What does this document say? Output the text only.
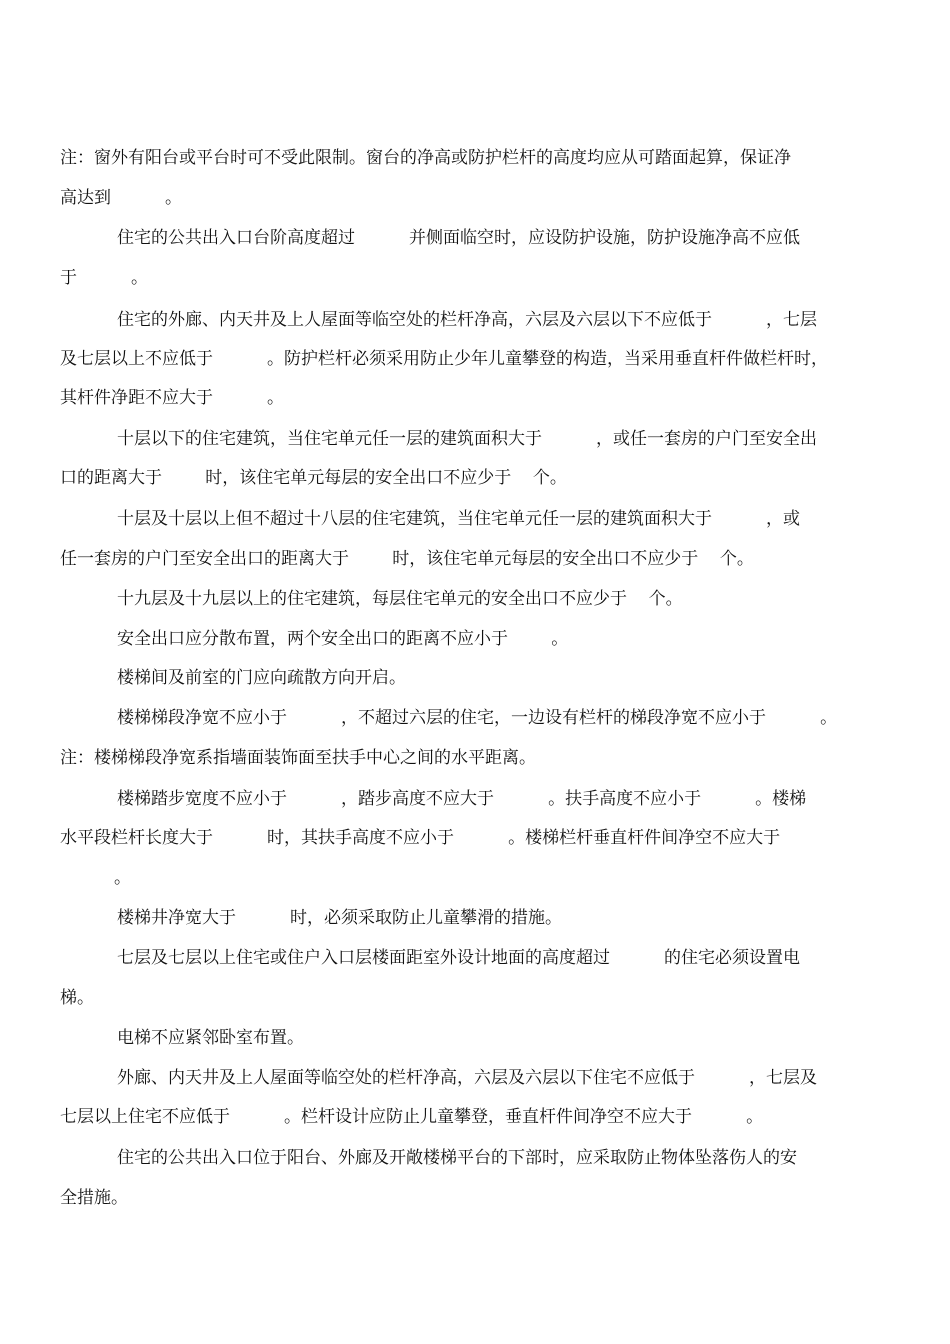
注：窗外有阳台或平台时可不受此限制。窗台的净高或防护栏杆的高度均应从可踏面起算，保证净

高达到          。

住宅的公共出入口台阶高度超过          并侧面临空时，应设防护设施，防护设施净高不应低

于          。

住宅的外廊、内天井及上人屋面等临空处的栏杆净高，六层及六层以下不应低于          ，七层

及七层以上不应低于          。防护栏杆必须采用防止少年儿童攀登的构造，当采用垂直杆件做栏杆时，

其杆件净距不应大于          。

十层以下的住宅建筑，当住宅单元任一层的建筑面积大于          ，或任一套房的户门至安全出

口的距离大于        时，该住宅单元每层的安全出口不应少于    个。

十层及十层以上但不超过十八层的住宅建筑，当住宅单元任一层的建筑面积大于          ，或

任一套房的户门至安全出口的距离大于        时，该住宅单元每层的安全出口不应少于    个。

十九层及十九层以上的住宅建筑，每层住宅单元的安全出口不应少于    个。

安全出口应分散布置，两个安全出口的距离不应小于        。

楼梯间及前室的门应向疏散方向开启。

楼梯梯段净宽不应小于          ，不超过六层的住宅，一边设有栏杆的梯段净宽不应小于          。

注：楼梯梯段净宽系指墙面装饰面至扶手中心之间的水平距离。

楼梯踏步宽度不应小于          ，踏步高度不应大于          。扶手高度不应小于          。楼梯

水平段栏杆长度大于          时，其扶手高度不应小于          。楼梯栏杆垂直杆件间净空不应大于

。

楼梯井净宽大于          时，必须采取防止儿童攀滑的措施。

七层及七层以上住宅或住户入口层楼面距室外设计地面的高度超过          的住宅必须设置电

梯。

电梯不应紧邻卧室布置。

外廊、内天井及上人屋面等临空处的栏杆净高，六层及六层以下住宅不应低于          ，七层及

七层以上住宅不应低于          。栏杆设计应防止儿童攀登，垂直杆件间净空不应大于          。

住宅的公共出入口位于阳台、外廊及开敞楼梯平台的下部时，应采取防止物体坠落伤人的安

全措施。
